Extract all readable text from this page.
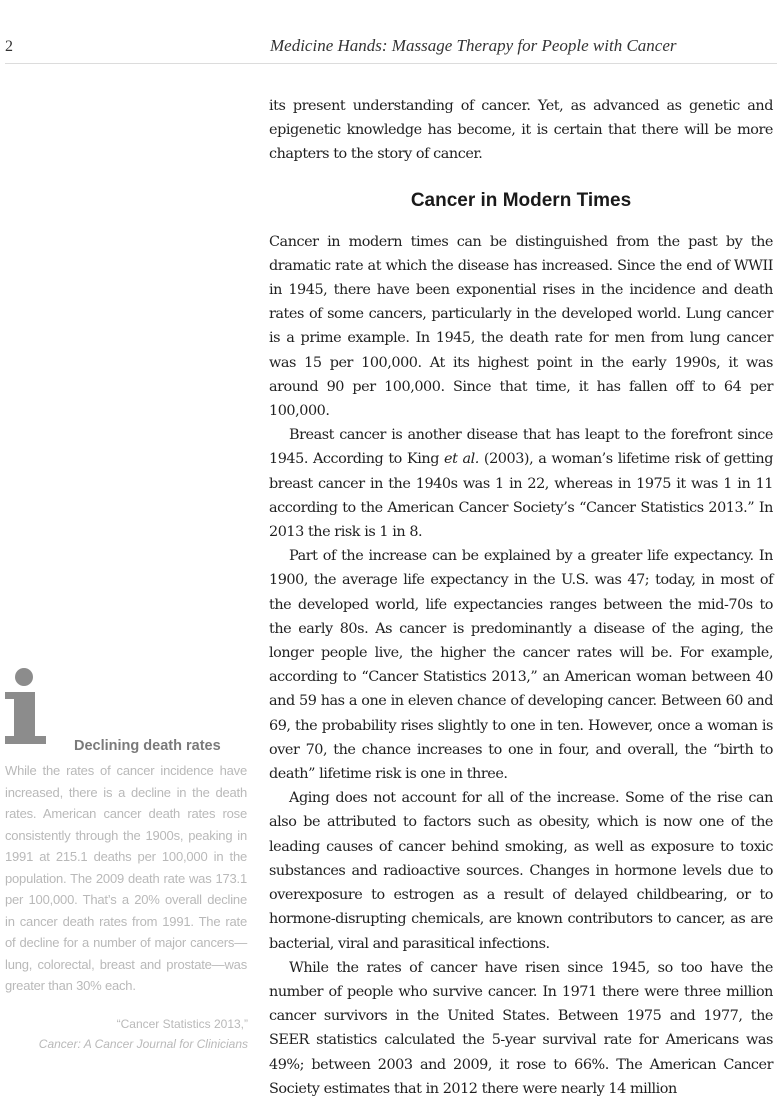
2	Medicine Hands: Massage Therapy for People with Cancer

its present understanding of cancer. Yet, as advanced as genetic and epigenetic knowledge has become, it is certain that there will be more chapters to the story of cancer.

Cancer in Modern Times

Cancer in modern times can be distinguished from the past by the dramatic rate at which the disease has increased. Since the end of WWII in 1945, there have been exponential rises in the incidence and death rates of some cancers, particularly in the developed world. Lung cancer is a prime example. In 1945, the death rate for men from lung cancer was 15 per 100,000. At its highest point in the early 1990s, it was around 90 per 100,000. Since that time, it has fallen off to 64 per 100,000.

Breast cancer is another disease that has leapt to the forefront since 1945. According to King et al. (2003), a woman’s lifetime risk of getting breast cancer in the 1940s was 1 in 22, whereas in 1975 it was 1 in 11 according to the American Cancer Society’s “Cancer Statistics 2013.” In 2013 the risk is 1 in 8.

Part of the increase can be explained by a greater life expectancy. In 1900, the average life expectancy in the U.S. was 47; today, in most of the developed world, life expectancies ranges between the mid-70s to the early 80s. As cancer is predominantly a disease of the aging, the longer people live, the higher the cancer rates will be. For example, according to “Cancer Statistics 2013,” an American woman between 40 and 59 has a one in eleven chance of developing cancer. Between 60 and 69, the probability rises slightly to one in ten. However, once a woman is over 70, the chance increases to one in four, and overall, the “birth to death” lifetime risk is one in three.

Aging does not account for all of the increase. Some of the rise can also be attributed to factors such as obesity, which is now one of the leading causes of cancer behind smoking, as well as exposure to toxic substances and radioactive sources. Changes in hormone levels due to overexposure to estrogen as a result of delayed childbearing, or to hormone-disrupting chemicals, are known contributors to cancer, as are bacterial, viral and parasitical infections.

While the rates of cancer have risen since 1945, so too have the number of people who survive cancer. In 1971 there were three million cancer survivors in the United States. Between 1975 and 1977, the SEER statistics calculated the 5-year survival rate for Americans was 49%; between 2003 and 2009, it rose to 66%. The American Cancer Society estimates that in 2012 there were nearly 14 million

Declining death rates

While the rates of cancer incidence have increased, there is a decline in the death rates. American cancer death rates rose consistently through the 1900s, peaking in 1991 at 215.1 deaths per 100,000 in the population. The 2009 death rate was 173.1 per 100,000. That’s a 20% overall decline in cancer death rates from 1991. The rate of decline for a number of major cancers—lung, colorectal, breast and prostate—was greater than 30% each.

“Cancer Statistics 2013,”
Cancer: A Cancer Journal for Clinicians
